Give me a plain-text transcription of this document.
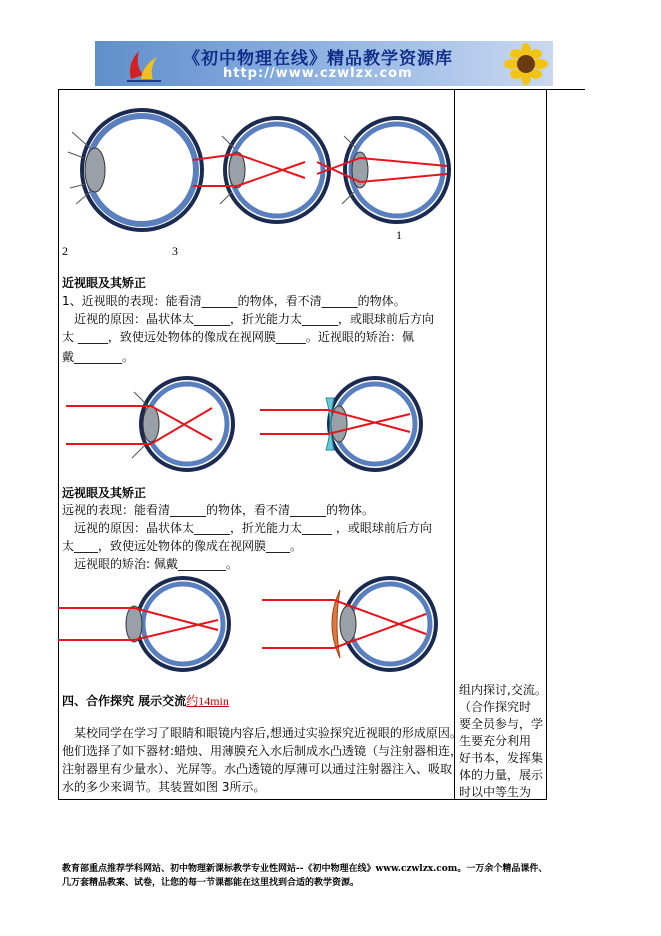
《初中物理在线》精品教学资源库
http://www.czwlzx.com
1
2	3
近视眼及其矫正
1、近视眼的表现：能看清______的物体，看不清______的物体。
近视的原因：晶状体太______，折光能力太______，或眼球前后方向
太 _____，致使远处物体的像成在视网膜_____。近视眼的矫治：佩
戴________。
远视眼及其矫正
远视的表现：能看清______的物体，看不清______的物体。
远视的原因：晶状体太______，折光能力太_____ ，或眼球前后方向
太____，致使远处物体的像成在视网膜____。
远视眼的矫治: 佩戴________。
四、合作探究 展示交流约14min
某校同学在学习了眼睛和眼镜内容后,想通过实验探究近视眼的形成原因。
他们选择了如下器材:蜡烛、用薄膜充入水后制成水凸透镜（与注射器相连，
注射器里有少量水）、光屏等。水凸透镜的厚薄可以通过注射器注入、吸取
水的多少来调节。其装置如图 3所示。
组内探讨,交流。
（合作探究时
要全员参与，学
生要充分利用
好书本，发挥集
体的力量，展示
时以中等生为
教育部重点推荐学科网站、初中物理新课标教学专业性网站--《初中物理在线》www.czwlzx.com。一万余个精品课件、
几万套精品教案、试卷，让您的每一节课都能在这里找到合适的教学资源。
